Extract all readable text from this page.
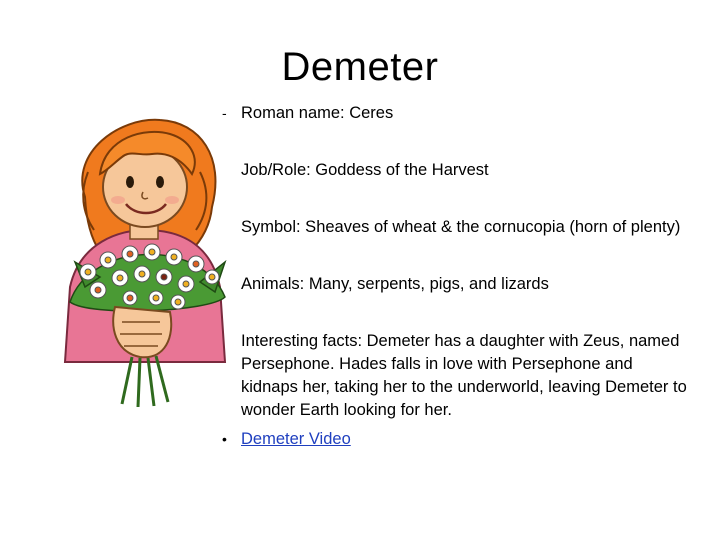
Demeter

- Roman name: Ceres

Job/Role: Goddess of the Harvest

Symbol: Sheaves of wheat & the cornucopia (horn of plenty)

Animals: Many, serpents, pigs, and lizards

Interesting facts: Demeter has a daughter with Zeus, named Persephone. Hades falls in love with Persephone and kidnaps her, taking her to the underworld, leaving Demeter to wonder Earth looking for her.

• Demeter Video
